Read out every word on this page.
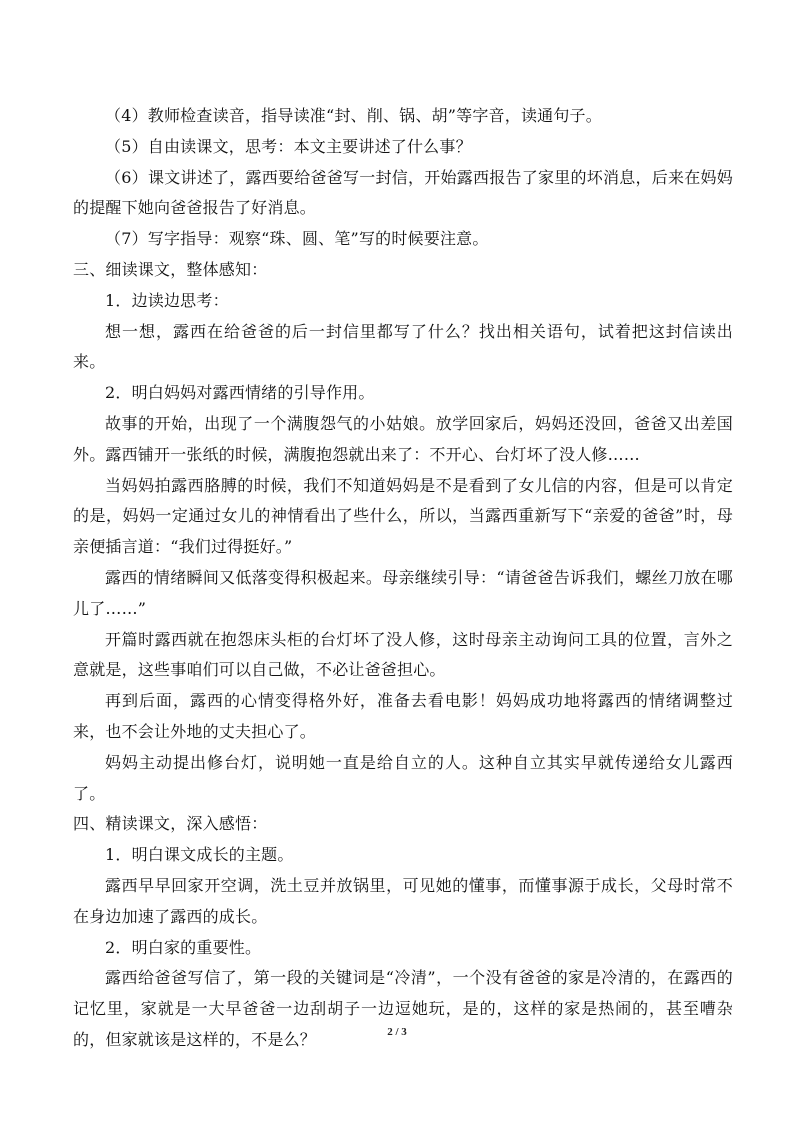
（4）教师检查读音，指导读准“封、削、锅、胡”等字音，读通句子。

（5）自由读课文，思考：本文主要讲述了什么事？

（6）课文讲述了，露西要给爸爸写一封信，开始露西报告了家里的坏消息，后来在妈妈的提醒下她向爸爸报告了好消息。

（7）写字指导：观察“珠、圆、笔”写的时候要注意。

三、细读课文，整体感知：

1．边读边思考：

想一想，露西在给爸爸的后一封信里都写了什么？找出相关语句，试着把这封信读出来。

2．明白妈妈对露西情绪的引导作用。

故事的开始，出现了一个满腹怨气的小姑娘。放学回家后，妈妈还没回，爸爸又出差国外。露西铺开一张纸的时候，满腹抱怨就出来了：不开心、台灯坏了没人修……

当妈妈拍露西胳膊的时候，我们不知道妈妈是不是看到了女儿信的内容，但是可以肯定的是，妈妈一定通过女儿的神情看出了些什么，所以，当露西重新写下“亲爱的爸爸”时，母亲便插言道：“我们过得挺好。”

露西的情绪瞬间又低落变得积极起来。母亲继续引导：“请爸爸告诉我们，螺丝刀放在哪儿了……”

开篇时露西就在抱怨床头柜的台灯坏了没人修，这时母亲主动询问工具的位置，言外之意就是，这些事咱们可以自己做，不必让爸爸担心。

再到后面，露西的心情变得格外好，准备去看电影！妈妈成功地将露西的情绪调整过来，也不会让外地的丈夫担心了。

妈妈主动提出修台灯，说明她一直是给自立的人。这种自立其实早就传递给女儿露西了。

四、精读课文，深入感悟：

1．明白课文成长的主题。

露西早早回家开空调，洗土豆并放锅里，可见她的懂事，而懂事源于成长，父母时常不在身边加速了露西的成长。

2．明白家的重要性。

露西给爸爸写信了，第一段的关键词是“冷清”，一个没有爸爸的家是冷清的，在露西的记忆里，家就是一大早爸爸一边刮胡子一边逗她玩，是的，这样的家是热闹的，甚至嘈杂的，但家就该是这样的，不是么？	2 / 3
